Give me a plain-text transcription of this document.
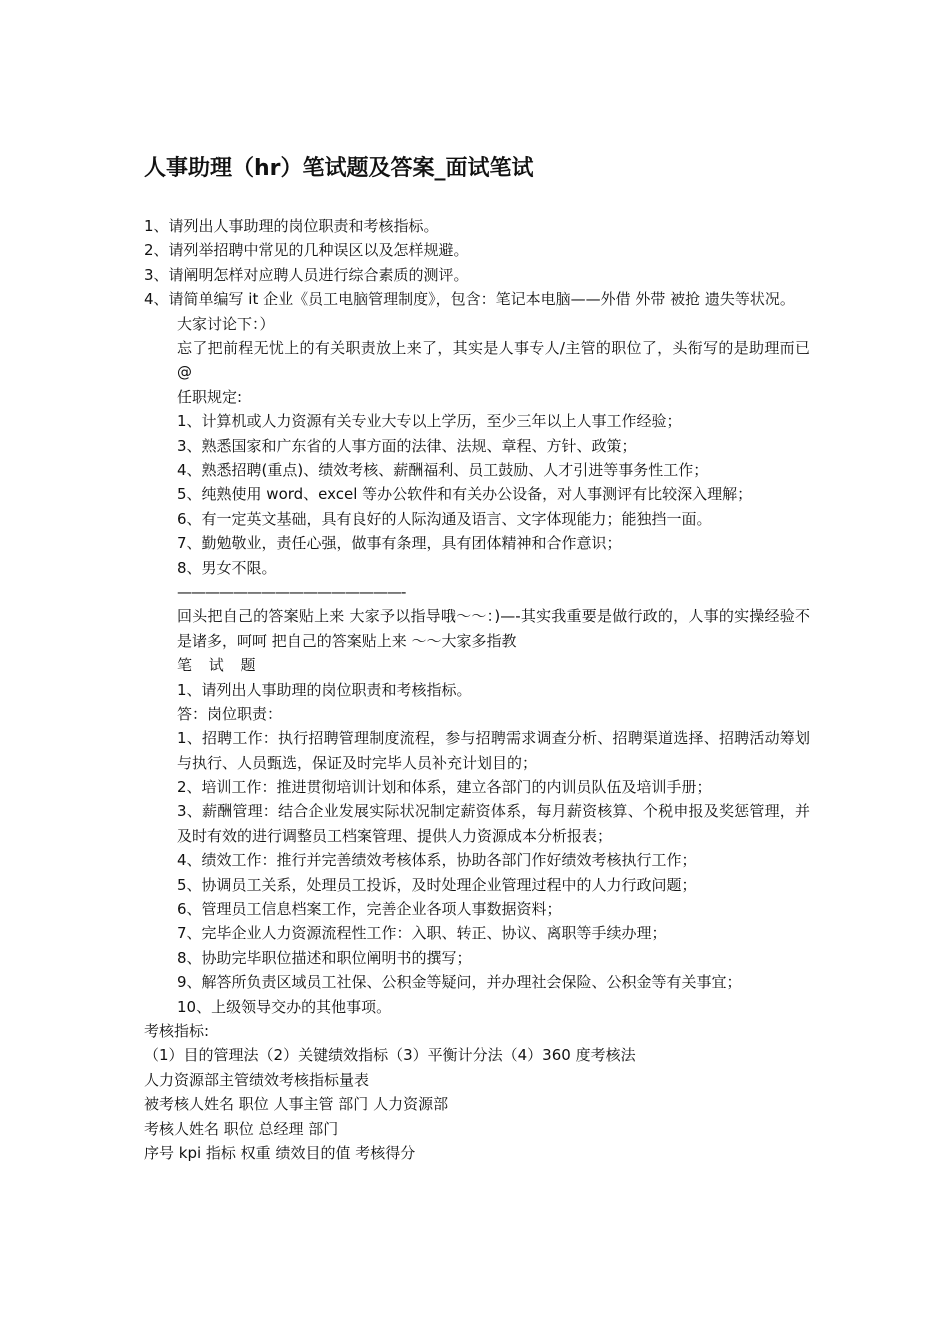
人事助理（hr）笔试题及答案_面试笔试
1、请列出人事助理的岗位职责和考核指标。
2、请列举招聘中常见的几种误区以及怎样规避。
3、请阐明怎样对应聘人员进行综合素质的测评。
4、请简单编写 it 企业《员工电脑管理制度》，包含：笔记本电脑——外借 外带 被抢 遗失等状况。
大家讨论下：）
忘了把前程无忧上的有关职责放上来了，其实是人事专人/主管的职位了，头衔写的是助理而已@
任职规定:
1、计算机或人力资源有关专业大专以上学历，至少三年以上人事工作经验；
3、熟悉国家和广东省的人事方面的法律、法规、章程、方针、政策；
4、熟悉招聘(重点)、绩效考核、薪酬福利、员工鼓励、人才引进等事务性工作；
5、纯熟使用 word、excel 等办公软件和有关办公设备，对人事测评有比较深入理解；
6、有一定英文基础，具有良好的人际沟通及语言、文字体现能力；能独挡一面。
7、勤勉敬业，责任心强，做事有条理，具有团体精神和合作意识；
8、男女不限。
————————————————-
回头把自己的答案贴上来 大家予以指导哦～～：)—-其实我重要是做行政的，人事的实操经验不是诸多，呵呵 把自己的答案贴上来 ～～大家多指教
笔 试 题
1、请列出人事助理的岗位职责和考核指标。
答：岗位职责：
1、招聘工作：执行招聘管理制度流程，参与招聘需求调查分析、招聘渠道选择、招聘活动筹划与执行、人员甄选，保证及时完毕人员补充计划目的；
2、培训工作：推进贯彻培训计划和体系，建立各部门的内训员队伍及培训手册；
3、薪酬管理：结合企业发展实际状况制定薪资体系，每月薪资核算、个税申报及奖惩管理，并及时有效的进行调整员工档案管理、提供人力资源成本分析报表；
4、绩效工作：推行并完善绩效考核体系，协助各部门作好绩效考核执行工作；
5、协调员工关系，处理员工投诉，及时处理企业管理过程中的人力行政问题；
6、管理员工信息档案工作，完善企业各项人事数据资料；
7、完毕企业人力资源流程性工作：入职、转正、协议、离职等手续办理；
8、协助完毕职位描述和职位阐明书的撰写；
9、解答所负责区域员工社保、公积金等疑问，并办理社会保险、公积金等有关事宜；
10、上级领导交办的其他事项。
考核指标:
（1）目的管理法（2）关键绩效指标（3）平衡计分法（4）360 度考核法
人力资源部主管绩效考核指标量表
被考核人姓名 职位 人事主管 部门 人力资源部
考核人姓名 职位 总经理 部门
序号 kpi 指标 权重 绩效目的值 考核得分
